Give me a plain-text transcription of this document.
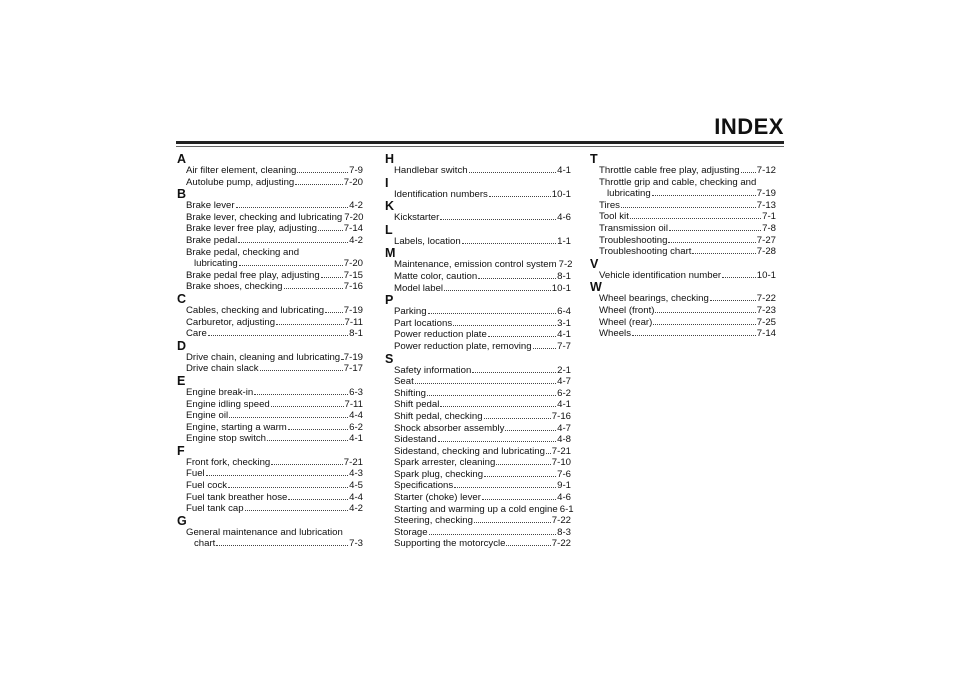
INDEX
A
Air filter element, cleaning	7-9
Autolube pump, adjusting	7-20
B
Brake lever	4-2
Brake lever, checking and lubricating 7-20
Brake lever free play, adjusting	7-14
Brake pedal	4-2
Brake pedal, checking and
lubricating	7-20
Brake pedal free play, adjusting	7-15
Brake shoes, checking	7-16
C
Cables, checking and lubricating 7-19
Carburetor, adjusting	7-11
Care	8-1
D
Drive chain, cleaning and lubricating 7-19
Drive chain slack	7-17
E
Engine break-in	6-3
Engine idling speed	7-11
Engine oil	4-4
Engine, starting a warm	6-2
Engine stop switch	4-1
F
Front fork, checking	7-21
Fuel	4-3
Fuel cock	4-5
Fuel tank breather hose	4-4
Fuel tank cap	4-2
G
General maintenance and lubrication
chart	7-3
H
Handlebar switch	4-1
I
Identification numbers	10-1
K
Kickstarter	4-6
L
Labels, location	1-1
M
Maintenance, emission control system 7-2
Matte color, caution	8-1
Model label	10-1
P
Parking	6-4
Part locations	3-1
Power reduction plate	4-1
Power reduction plate, removing	7-7
S
Safety information	2-1
Seat	4-7
Shifting	6-2
Shift pedal	4-1
Shift pedal, checking	7-16
Shock absorber assembly	4-7
Sidestand	4-8
Sidestand, checking and lubricating 7-21
Spark arrester, cleaning	7-10
Spark plug, checking	7-6
Specifications	9-1
Starter (choke) lever	4-6
Starting and warming up a cold engine 6-1
Steering, checking	7-22
Storage	8-3
Supporting the motorcycle	7-22
T
Throttle cable free play, adjusting 7-12
Throttle grip and cable, checking and
lubricating	7-19
Tires	7-13
Tool kit	7-1
Transmission oil	7-8
Troubleshooting	7-27
Troubleshooting chart	7-28
V
Vehicle identification number	10-1
W
Wheel bearings, checking	7-22
Wheel (front)	7-23
Wheel (rear)	7-25
Wheels	7-14
